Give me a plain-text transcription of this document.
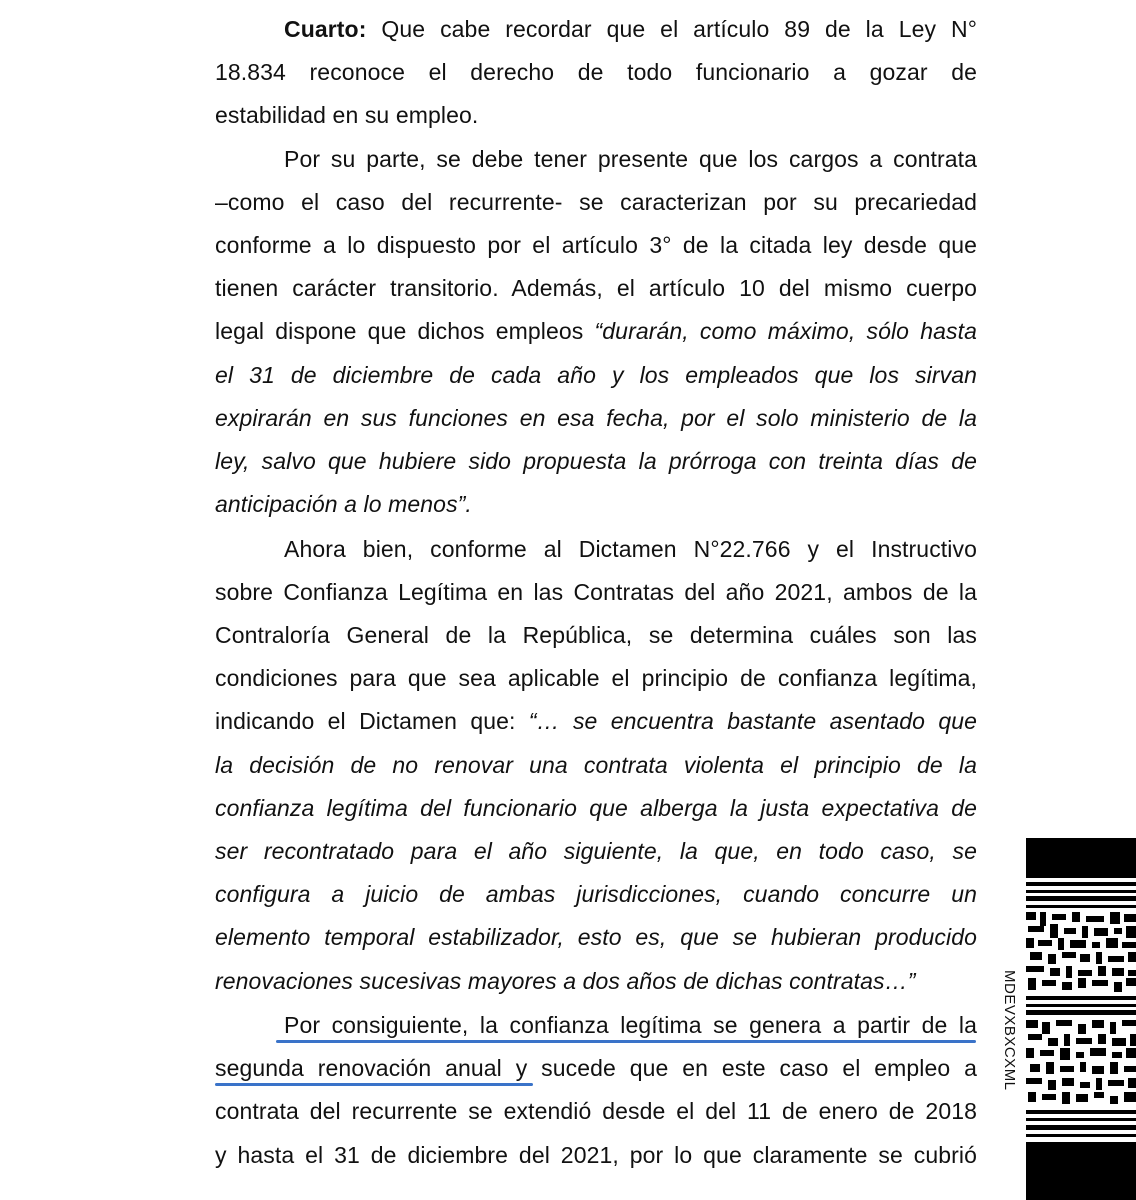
Cuarto: Que cabe recordar que el artículo 89 de la Ley N°
18.834 reconoce el derecho de todo funcionario a gozar de
estabilidad en su empleo.
Por su parte, se debe tener presente que los cargos a contrata
–como el caso del recurrente- se caracterizan por su precariedad
conforme a lo dispuesto por el artículo 3° de la citada ley desde que
tienen carácter transitorio. Además, el artículo 10 del mismo cuerpo
legal dispone que dichos empleos “durarán, como máximo, sólo hasta
el 31 de diciembre de cada año y los empleados que los sirvan
expirarán en sus funciones en esa fecha, por el solo ministerio de la
ley, salvo que hubiere sido propuesta la prórroga con treinta días de
anticipación a lo menos”.
Ahora bien, conforme al Dictamen N°22.766 y el Instructivo
sobre Confianza Legítima en las Contratas del año 2021, ambos de la
Contraloría General de la República, se determina cuáles son las
condiciones para que sea aplicable el principio de confianza legítima,
indicando el Dictamen que: “… se encuentra bastante asentado que
la decisión de no renovar una contrata violenta el principio de la
confianza legítima del funcionario que alberga la justa expectativa de
ser recontratado para el año siguiente, la que, en todo caso, se
configura a juicio de ambas jurisdicciones, cuando concurre un
elemento temporal estabilizador, esto es, que se hubieran producido
renovaciones sucesivas mayores a dos años de dichas contratas…”
Por consiguiente, la confianza legítima se genera a partir de la
segunda renovación anual y sucede que en este caso el empleo a
contrata del recurrente se extendió desde el del 11 de enero de 2018
y hasta el 31 de diciembre del 2021, por lo que claramente se cubrió
MDEVXBXCXML
